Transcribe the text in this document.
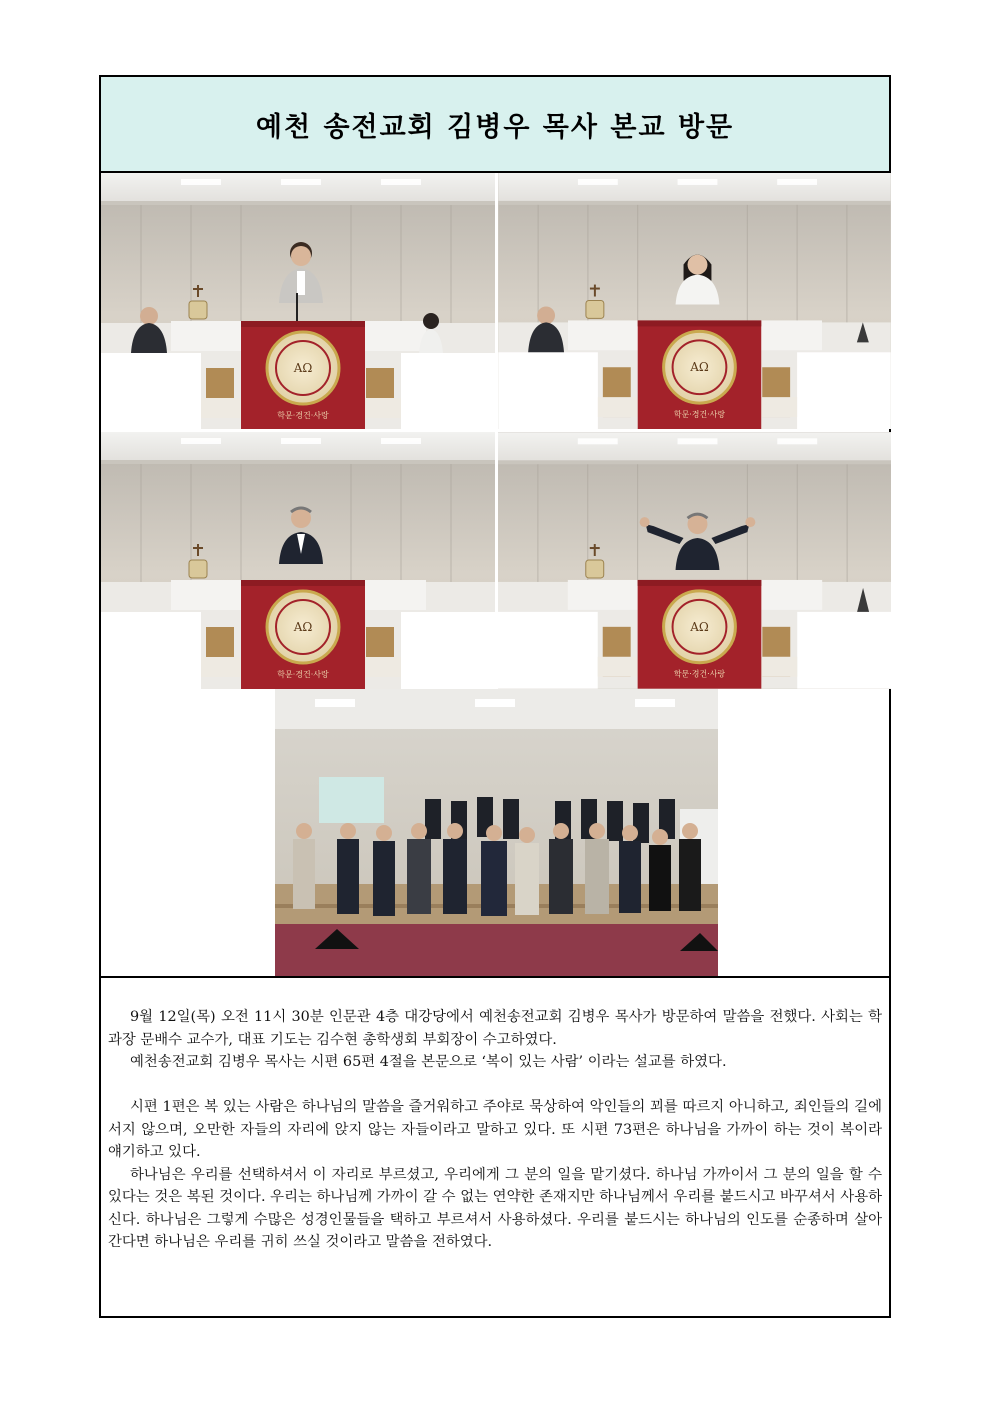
예천 송전교회 김병우 목사 본교 방문

9월 12일(목) 오전 11시 30분 인문관 4층 대강당에서 예천송전교회 김병우 목사가 방문하여 말씀을 전했다. 사회는 학과장 문배수 교수가, 대표 기도는 김수현 총학생회 부회장이 수고하였다.

예천송전교회 김병우 목사는 시편 65편 4절을 본문으로 ‘복이 있는 사람’ 이라는 설교를 하였다.

시편 1편은 복 있는 사람은 하나님의 말씀을 즐거워하고 주야로 묵상하여 악인들의 꾀를 따르지 아니하고, 죄인들의 길에 서지 않으며, 오만한 자들의 자리에 앉지 않는 자들이라고 말하고 있다. 또 시편 73편은 하나님을 가까이 하는 것이 복이라 얘기하고 있다.

하나님은 우리를 선택하셔서 이 자리로 부르셨고, 우리에게 그 분의 일을 맡기셨다. 하나님 가까이서 그 분의 일을 할 수 있다는 것은 복된 것이다. 우리는 하나님께 가까이 갈 수 없는 연약한 존재지만 하나님께서 우리를 붙드시고 바꾸셔서 사용하신다. 하나님은 그렇게 수많은 성경인물들을 택하고 부르셔서 사용하셨다. 우리를 붙드시는 하나님의 인도를 순종하며 살아간다면 하나님은 우리를 귀히 쓰실 것이라고 말씀을 전하였다.
